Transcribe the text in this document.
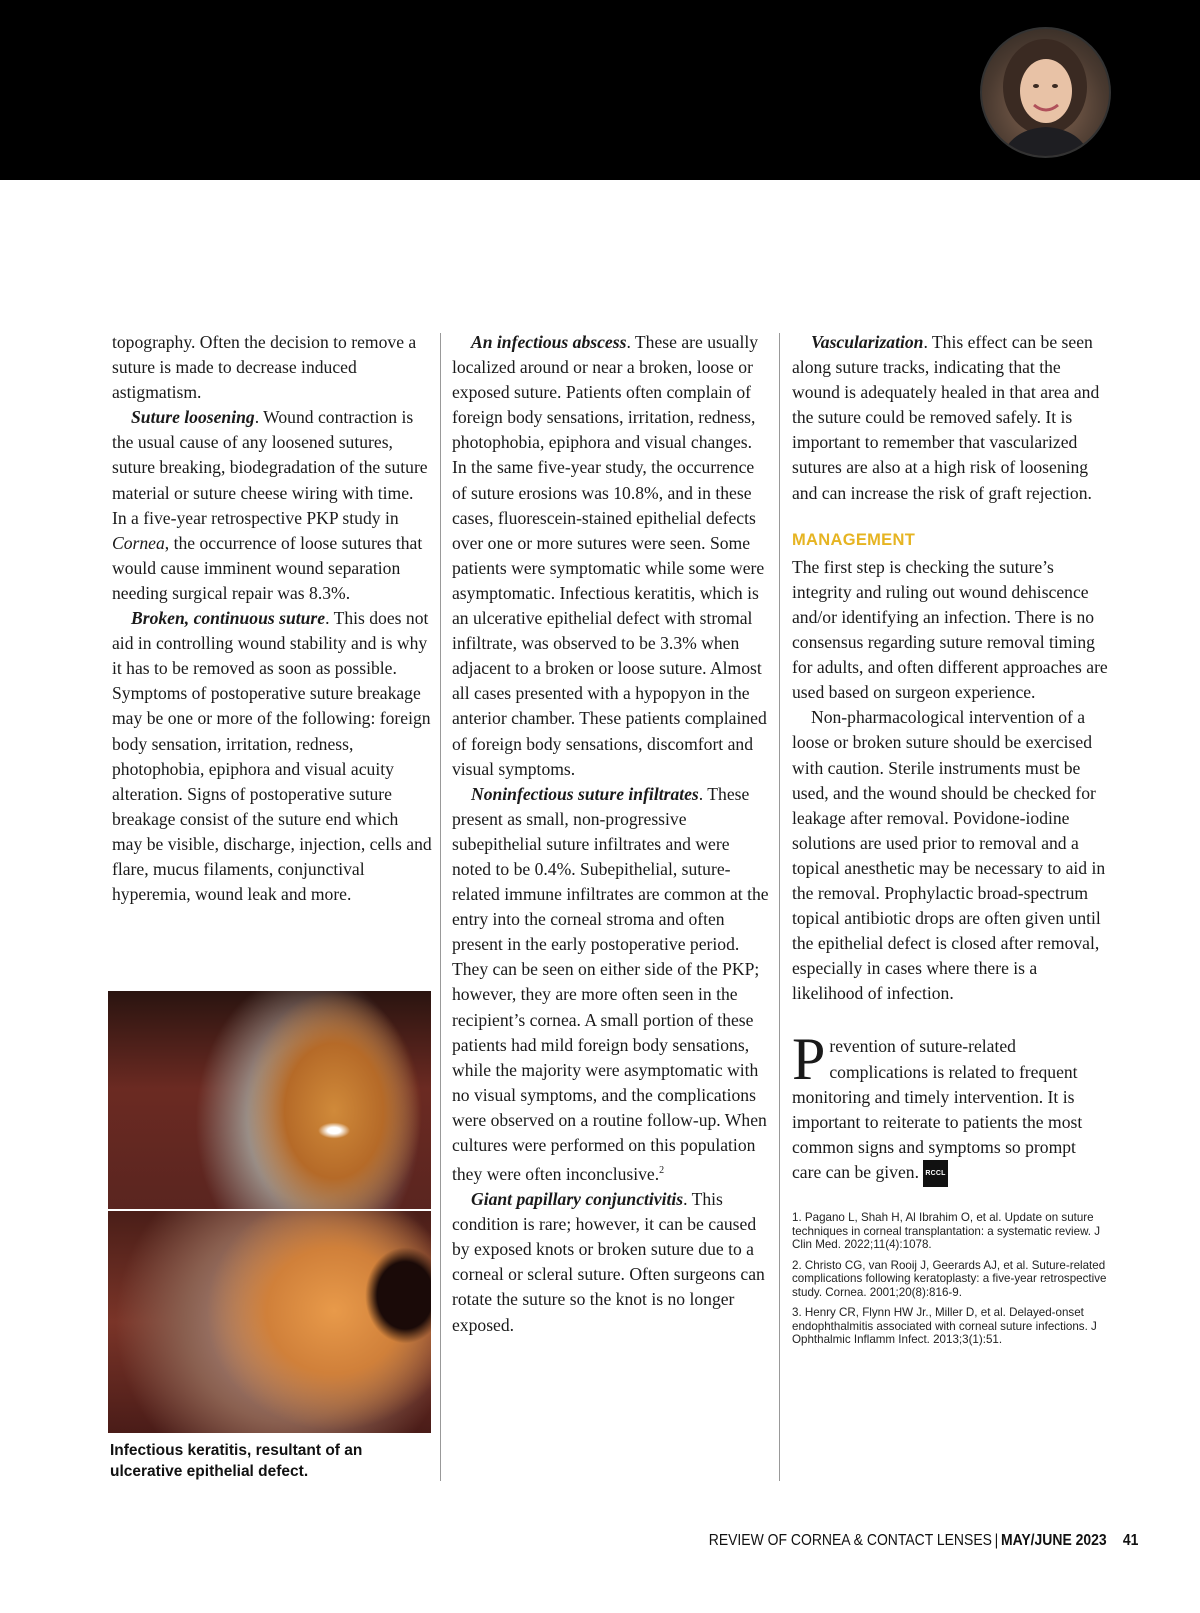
topography. Often the decision to remove a suture is made to decrease induced astigmatism.

Suture loosening. Wound contraction is the usual cause of any loosened sutures, suture breaking, biodegradation of the suture material or suture cheese wiring with time. In a five-year retrospective PKP study in Cornea, the occurrence of loose sutures that would cause imminent wound separation needing surgical repair was 8.3%.

Broken, continuous suture. This does not aid in controlling wound stability and is why it has to be removed as soon as possible. Symptoms of postoperative suture breakage may be one or more of the following: foreign body sensation, irritation, redness, photophobia, epiphora and visual acuity alteration. Signs of postoperative suture breakage consist of the suture end which may be visible, discharge, injection, cells and flare, mucus filaments, conjunctival hyperemia, wound leak and more.

Infectious keratitis, resultant of an ulcerative epithelial defect.

An infectious abscess. These are usually localized around or near a broken, loose or exposed suture. Patients often complain of foreign body sensations, irritation, redness, photophobia, epiphora and visual changes. In the same five-year study, the occurrence of suture erosions was 10.8%, and in these cases, fluorescein-stained epithelial defects over one or more sutures were seen. Some patients were symptomatic while some were asymptomatic. Infectious keratitis, which is an ulcerative epithelial defect with stromal infiltrate, was observed to be 3.3% when adjacent to a broken or loose suture. Almost all cases presented with a hypopyon in the anterior chamber. These patients complained of foreign body sensations, discomfort and visual symptoms.

Noninfectious suture infiltrates. These present as small, non-progressive subepithelial suture infiltrates and were noted to be 0.4%. Subepithelial, suture-related immune infiltrates are common at the entry into the corneal stroma and often present in the early postoperative period. They can be seen on either side of the PKP; however, they are more often seen in the recipient’s cornea. A small portion of these patients had mild foreign body sensations, while the majority were asymptomatic with no visual symptoms, and the complications were observed on a routine follow-up. When cultures were performed on this population they were often inconclusive.$^2$

Giant papillary conjunctivitis. This condition is rare; however, it can be caused by exposed knots or broken suture due to a corneal or scleral suture. Often surgeons can rotate the suture so the knot is no longer exposed.

Vascularization. This effect can be seen along suture tracks, indicating that the wound is adequately healed in that area and the suture could be removed safely. It is important to remember that vascularized sutures are also at a high risk of loosening and can increase the risk of graft rejection.

MANAGEMENT

The first step is checking the suture’s integrity and ruling out wound dehiscence and/or identifying an infection. There is no consensus regarding suture removal timing for adults, and often different approaches are used based on surgeon experience.

Non-pharmacological intervention of a loose or broken suture should be exercised with caution. Sterile instruments must be used, and the wound should be checked for leakage after removal. Povidone-iodine solutions are used prior to removal and a topical anesthetic may be necessary to aid in the removal. Prophylactic broad-spectrum topical antibiotic drops are often given until the epithelial defect is closed after removal, especially in cases where there is a likelihood of infection.

Prevention of suture-related complications is related to frequent monitoring and timely intervention. It is important to reiterate to patients the most common signs and symptoms so prompt care can be given. RCCL

1. Pagano L, Shah H, Al Ibrahim O, et al. Update on suture techniques in corneal transplantation: a systematic review. J Clin Med. 2022;11(4):1078.
2. Christo CG, van Rooij J, Geerards AJ, et al. Suture-related complications following keratoplasty: a five-year retrospective study. Cornea. 2001;20(8):816-9.
3. Henry CR, Flynn HW Jr., Miller D, et al. Delayed-onset endophthalmitis associated with corneal suture infections. J Ophthalmic Inflamm Infect. 2013;3(1):51.
REVIEW OF CORNEA & CONTACT LENSES | MAY/JUNE 2023 41
